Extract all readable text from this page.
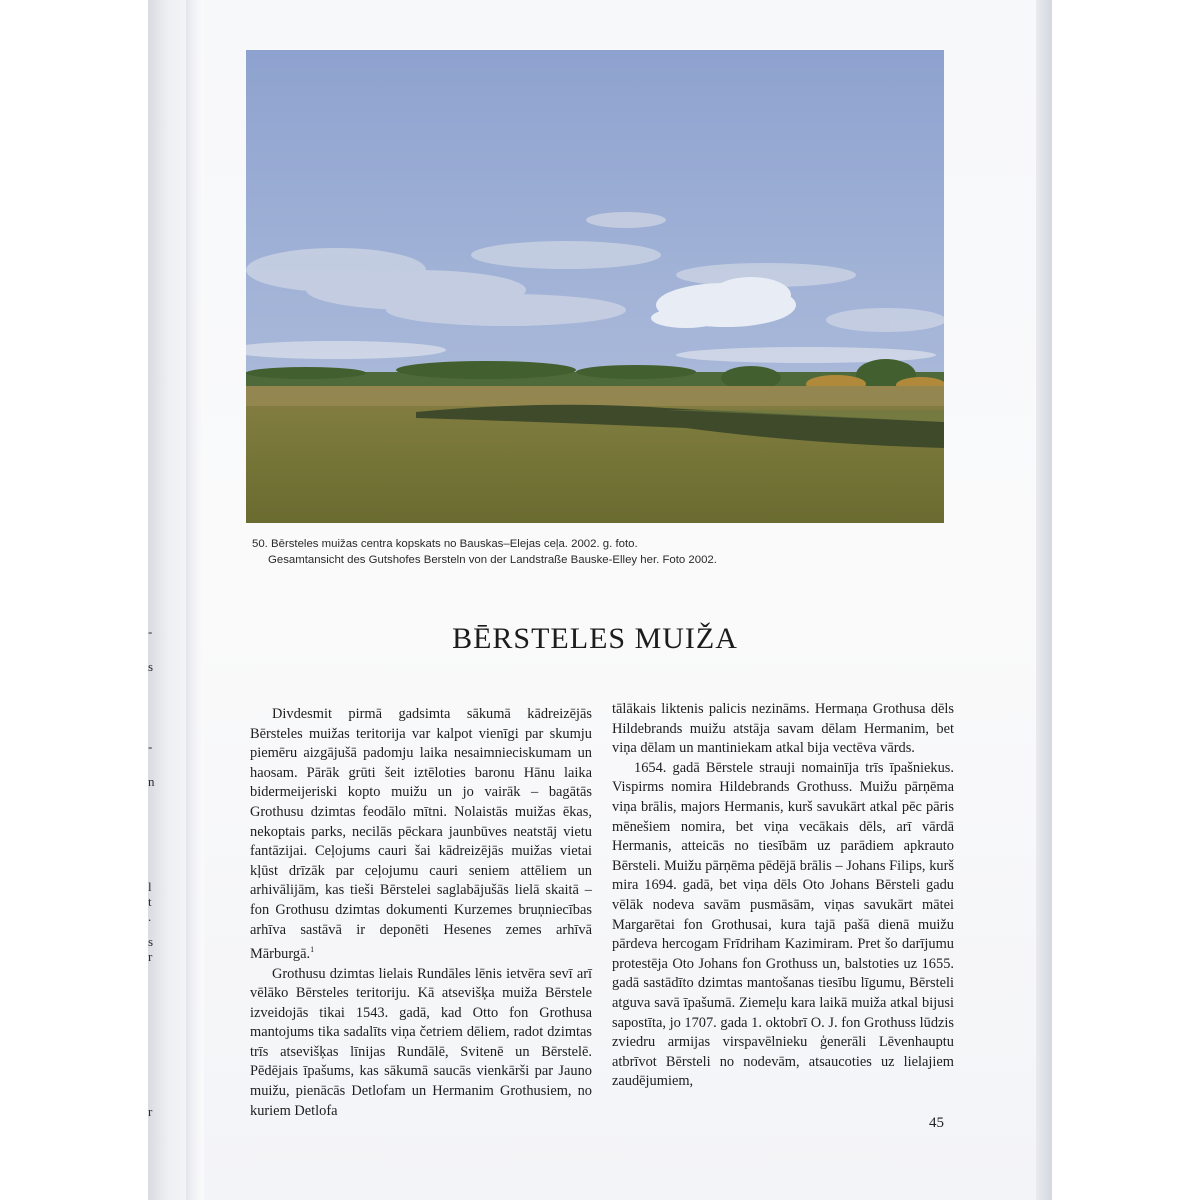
-
s
-
n
l
t
.
s
r
r
50. Bērsteles muižas centra kopskats no Bauskas–Elejas ceļa. 2002. g. foto.
Gesamtansicht des Gutshofes Bersteln von der Landstraße Bauske-Elley her. Foto 2002.
BĒRSTELES MUIŽA

Divdesmit pirmā gadsimta sākumā kādreizējās Bērsteles muižas teritorija var kalpot vienīgi par skumju piemēru aizgājušā padomju laika nesaimnieciskumam un haosam. Pārāk grūti šeit iztēloties baronu Hānu laika bidermeijeriski kopto muižu un jo vairāk – bagātās Grothusu dzimtas feodālo mītni. Nolaistās muižas ēkas, nekoptais parks, necilās pēckara jaunbūves neatstāj vietu fantāzijai. Ceļojums cauri šai kādreizējās muižas vietai kļūst drīzāk par ceļojumu cauri seniem attēliem un arhivālijām, kas tieši Bērstelei saglabājušās lielā skaitā – fon Grothusu dzimtas dokumenti Kurzemes bruņniecības arhīva sastāvā ir deponēti Hesenes zemes arhīvā Mārburgā.$^1$

Grothusu dzimtas lielais Rundāles lēnis ietvēra sevī arī vēlāko Bērsteles teritoriju. Kā atsevišķa muiža Bērstele izveidojās tikai 1543. gadā, kad Otto fon Grothusa mantojums tika sadalīts viņa četriem dēliem, radot dzimtas trīs atsevišķas līnijas Rundālē, Svitenē un Bērstelē. Pēdējais īpašums, kas sākumā saucās vienkārši par Jauno muižu, pienācās Detlofam un Hermanim Grothusiem, no kuriem Detlofa

tālākais liktenis palicis nezināms. Hermaņa Grothusa dēls Hildebrands muižu atstāja savam dēlam Hermanim, bet viņa dēlam un mantiniekam atkal bija vectēva vārds.

1654. gadā Bērstele strauji nomainīja trīs īpašniekus. Vispirms nomira Hildebrands Grothuss. Muižu pārņēma viņa brālis, majors Hermanis, kurš savukārt atkal pēc pāris mēnešiem nomira, bet viņa vecākais dēls, arī vārdā Hermanis, atteicās no tiesībām uz parādiem apkrauto Bērsteli. Muižu pārņēma pēdējā brālis – Johans Filips, kurš mira 1694. gadā, bet viņa dēls Oto Johans Bērsteli gadu vēlāk nodeva savām pusmāsām, viņas savukārt mātei Margarētai fon Grothusai, kura tajā pašā dienā muižu pārdeva hercogam Frīdriham Kazimiram. Pret šo darījumu protestēja Oto Johans fon Grothuss un, balstoties uz 1655. gadā sastādīto dzimtas mantošanas tiesību līgumu, Bērsteli atguva savā īpašumā. Ziemeļu kara laikā muiža atkal bijusi sapostīta, jo 1707. gada 1. oktobrī O. J. fon Grothuss lūdzis zviedru armijas virspavēlnieku ģenerāli Lēvenhauptu atbrīvot Bērsteli no nodevām, atsaucoties uz lielajiem zaudējumiem,

45
